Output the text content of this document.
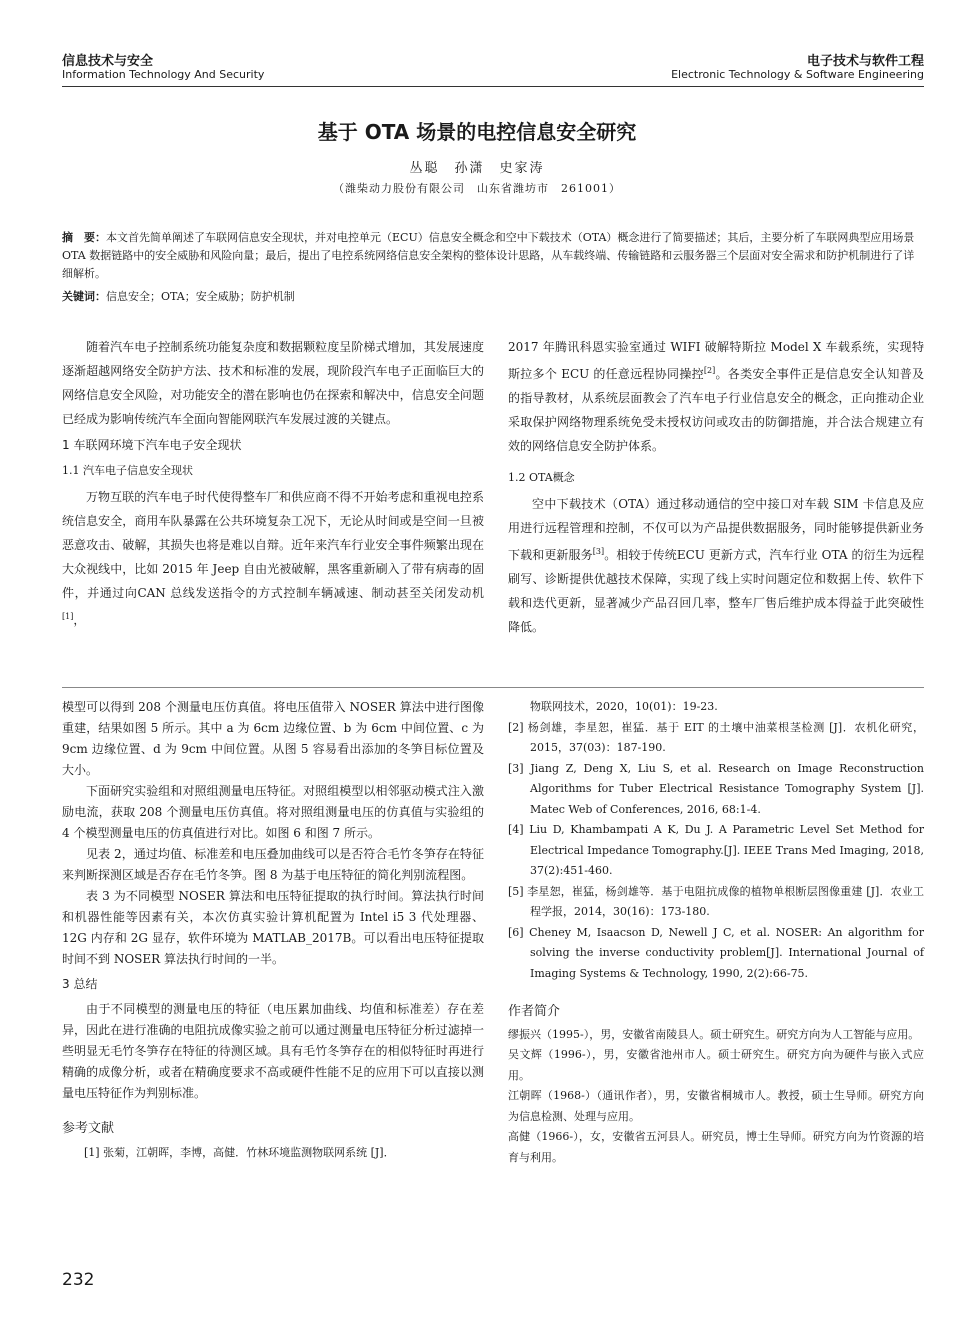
信息技术与安全
Information Technology And Security
电子技术与软件工程
Electronic Technology & Software Engineering
基于 OTA 场景的电控信息安全研究
丛聪　孙潇　史家涛
（潍柴动力股份有限公司　山东省潍坊市　261001）
摘　要：本文首先简单阐述了车联网信息安全现状，并对电控单元（ECU）信息安全概念和空中下载技术（OTA）概念进行了简要描述；其后，主要分析了车联网典型应用场景 OTA 数据链路中的安全威胁和风险向量；最后，提出了电控系统网络信息安全架构的整体设计思路，从车载终端、传输链路和云服务器三个层面对安全需求和防护机制进行了详细解析。
关键词：信息安全；OTA；安全威胁；防护机制

随着汽车电子控制系统功能复杂度和数据颗粒度呈阶梯式增加，其发展速度逐渐超越网络安全防护方法、技术和标准的发展，现阶段汽车电子正面临巨大的网络信息安全风险，对功能安全的潜在影响也仍在探索和解决中，信息安全问题已经成为影响传统汽车全面向智能网联汽车发展过渡的关键点。

1 车联网环境下汽车电子安全现状
1.1 汽车电子信息安全现状

万物互联的汽车电子时代使得整车厂和供应商不得不开始考虑和重视电控系统信息安全，商用车队暴露在公共环境复杂工况下，无论从时间或是空间一旦被恶意攻击、破解，其损失也将是难以自辩。近年来汽车行业安全事件频繁出现在大众视线中，比如 2015 年 Jeep 自由光被破解，黑客重新刷入了带有病毒的固件，并通过向CAN 总线发送指令的方式控制车辆减速、制动甚至关闭发动机[1]，

2017 年腾讯科恩实验室通过 WIFI 破解特斯拉 Model X 车载系统，实现特斯拉多个 ECU 的任意远程协同操控[2]。各类安全事件正是信息安全认知普及的指导教材，从系统层面教会了汽车电子行业信息安全的概念，正向推动企业采取保护网络物理系统免受未授权访问或攻击的防御措施，并合法合规建立有效的网络信息安全防护体系。

1.2 OTA概念

空中下载技术（OTA）通过移动通信的空中接口对车载 SIM 卡信息及应用进行远程管理和控制，不仅可以为产品提供数据服务，同时能够提供新业务下载和更新服务[3]。相较于传统ECU 更新方式，汽车行业 OTA 的衍生为远程刷写、诊断提供优越技术保障，实现了线上实时问题定位和数据上传、软件下载和迭代更新，显著减少产品召回几率，整车厂售后维护成本得益于此突破性降低。

模型可以得到 208 个测量电压仿真值。将电压值带入 NOSER 算法中进行图像重建，结果如图 5 所示。其中 a 为 6cm 边缘位置、b 为 6cm 中间位置、c 为 9cm 边缘位置、d 为 9cm 中间位置。从图 5 容易看出添加的冬笋目标位置及大小。

下面研究实验组和对照组测量电压特征。对照组模型以相邻驱动模式注入激励电流，获取 208 个测量电压仿真值。将对照组测量电压的仿真值与实验组的 4 个模型测量电压的仿真值进行对比。如图 6 和图 7 所示。

见表 2，通过均值、标准差和电压叠加曲线可以是否符合毛竹冬笋存在特征来判断探测区域是否存在毛竹冬笋。图 8 为基于电压特征的简化判别流程图。

表 3 为不同模型 NOSER 算法和电压特征提取的执行时间。算法执行时间和机器性能等因素有关，本次仿真实验计算机配置为 Intel i5 3 代处理器、12G 内存和 2G 显存，软件环境为 MATLAB_2017B。可以看出电压特征提取时间不到 NOSER 算法执行时间的一半。

3 总结

由于不同模型的测量电压的特征（电压累加曲线、均值和标准差）存在差异，因此在进行准确的电阻抗成像实验之前可以通过测量电压特征分析过滤掉一些明显无毛竹冬笋存在特征的待测区域。具有毛竹冬笋存在的相似特征时再进行精确的成像分析，或者在精确度要求不高或硬件性能不足的应用下可以直接以测量电压特征作为判别标准。

参考文献

[1] 张菊，江朝晖，李博，高健．竹林环境监测物联网系统 [J]．

物联网技术，2020，10(01)：19-23.

[2] 杨剑雄，李星恕，崔猛．基于 EIT 的土壤中油菜根茎检测 [J]．农机化研究，2015，37(03)：187-190.

[3] Jiang Z, Deng X, Liu S, et al. Research on Image Reconstruction Algorithms for Tuber Electrical Resistance Tomography System [J]. Matec Web of Conferences, 2016, 68:1-4.

[4] Liu D, Khambampati A K, Du J. A Parametric Level Set Method for Electrical Impedance Tomography.[J]. IEEE Trans Med Imaging, 2018, 37(2):451-460.

[5] 李星恕，崔猛，杨剑雄等．基于电阻抗成像的植物单根断层图像重建 [J]．农业工程学报，2014，30(16)：173-180.

[6] Cheney M, Isaacson D, Newell J C, et al. NOSER: An algorithm for solving the inverse conductivity problem[J]. International Journal of Imaging Systems & Technology, 1990, 2(2):66-75.

作者简介

缪振兴（1995-），男，安徽省南陵县人。硕士研究生。研究方向为人工智能与应用。

吴文辉（1996-），男，安徽省池州市人。硕士研究生。研究方向为硬件与嵌入式应用。

江朝晖（1968-）（通讯作者），男，安徽省桐城市人。教授，硕士生导师。研究方向为信息检测、处理与应用。

高健（1966-），女，安徽省五河县人。研究员，博士生导师。研究方向为竹资源的培育与利用。

232
